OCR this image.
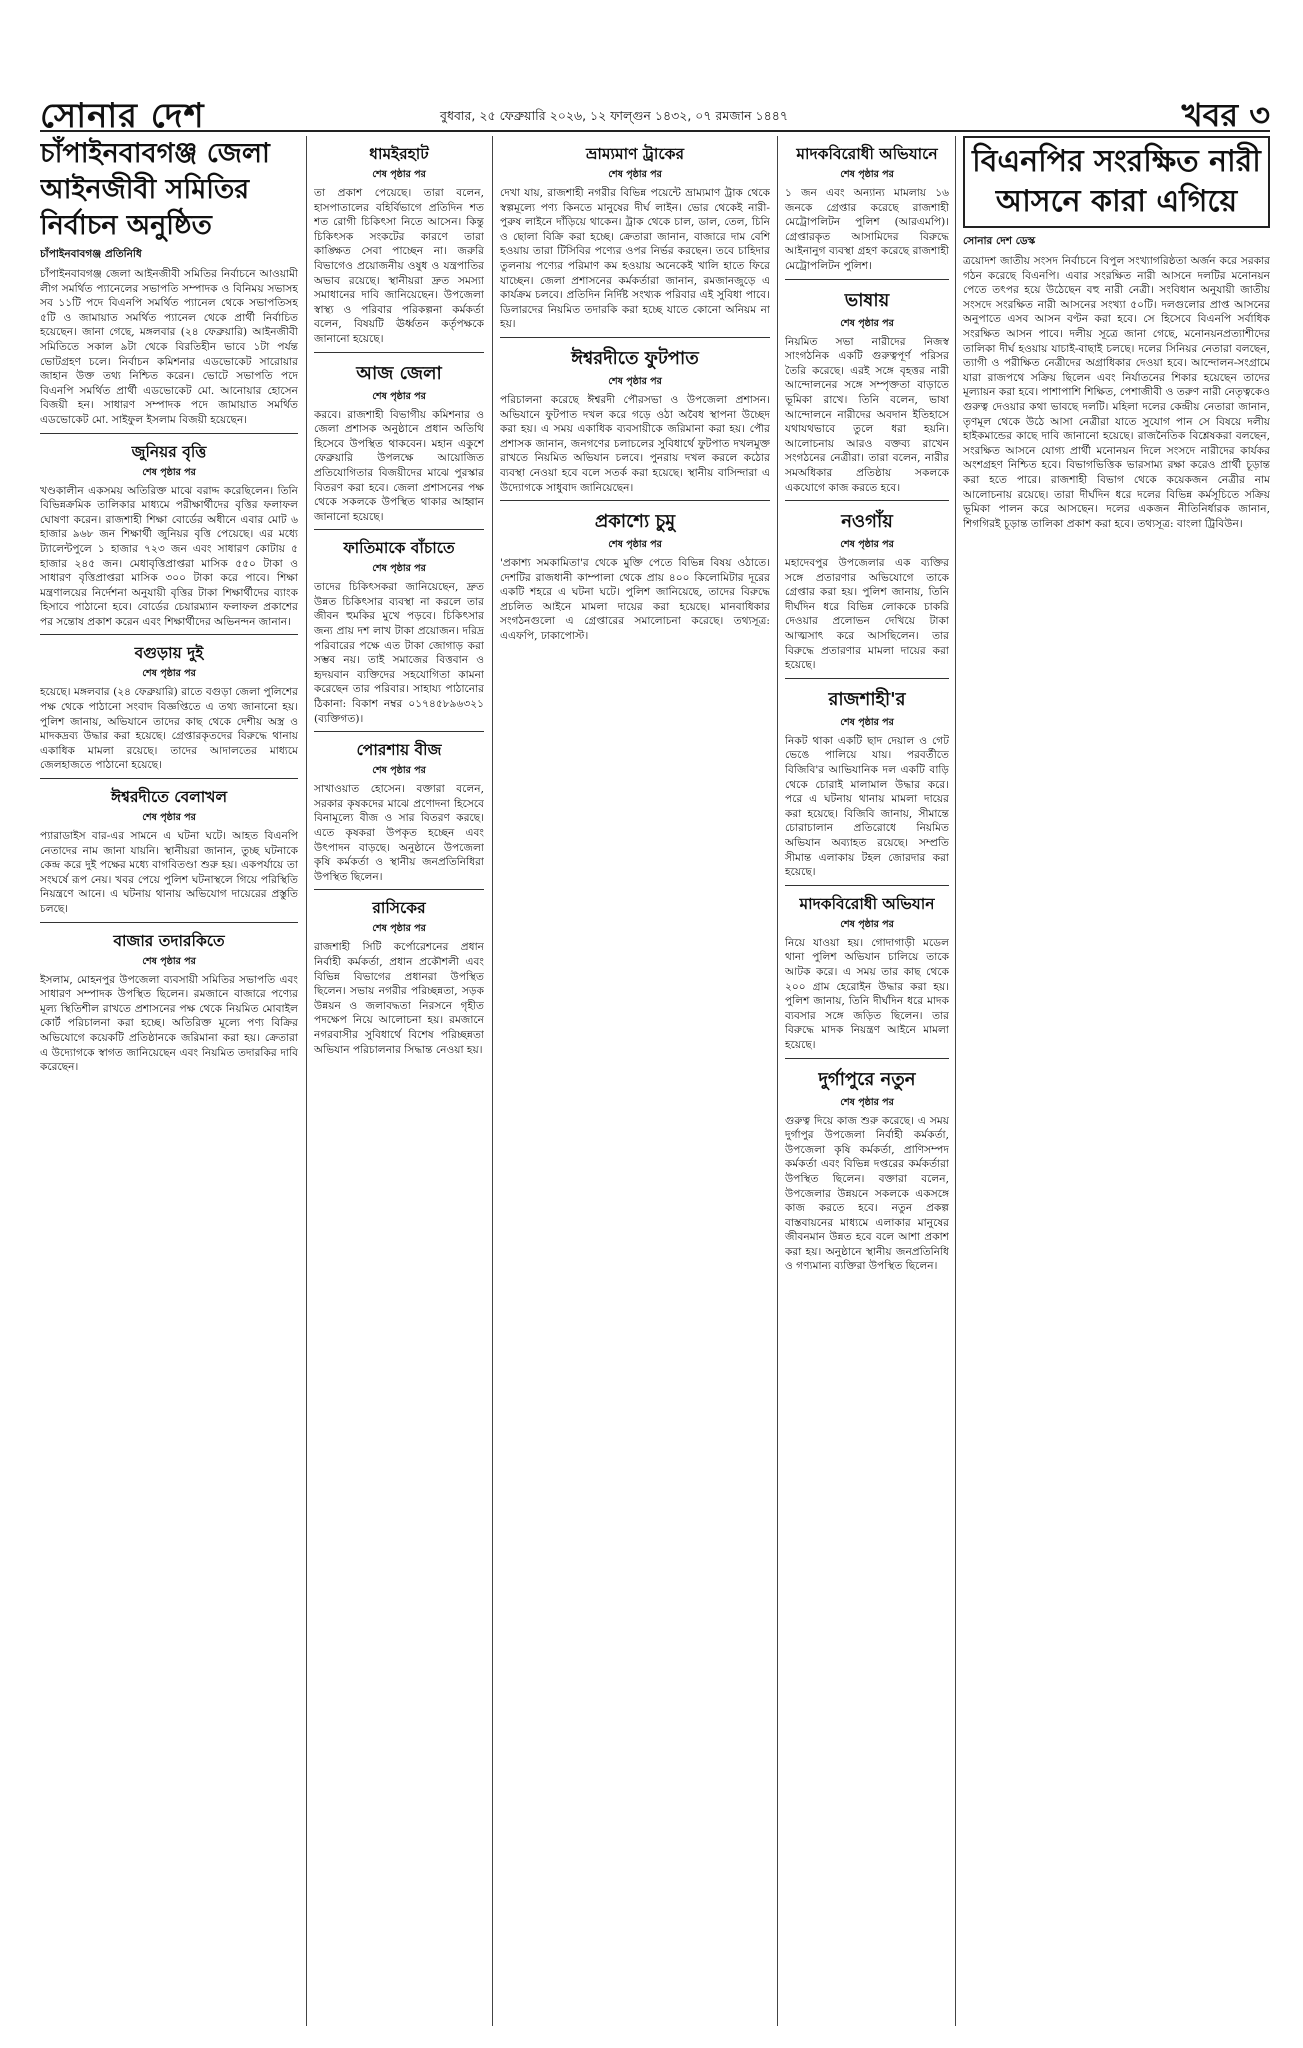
সোনার দেশ	বুধবার, ২৫ ফেব্রুয়ারি ২০২৬, ১২ ফাল্গুন ১৪৩২, ০৭ রমজান ১৪৪৭	খবর ৩
চাঁপাইনবাবগঞ্জ জেলা আইনজীবী সমিতির নির্বাচন অনুষ্ঠিত
চাঁপাইনবাবগঞ্জ প্রতিনিধি

চাঁপাইনবাবগঞ্জ জেলা আইনজীবী সমিতির নির্বাচনে আওয়ামী লীগ সমর্থিত প্যানেলের সভাপতি সম্পাদক ও বিনিময় সভাসহ সব ১১টি পদে বিএনপি সমর্থিত প্যানেল থেকে সভাপতিসহ ৫টি ও জামায়াত সমর্থিত প্যানেল থেকে প্রার্থী নির্বাচিত হয়েছেন। জানা গেছে, মঙ্গলবার (২৪ ফেব্রুয়ারি) আইনজীবী সমিতিতে সকাল ৯টা থেকে বিরতিহীন ভাবে ১টা পর্যন্ত ভোটগ্রহণ চলে। নির্বাচন কমিশনার এডভোকেট সারোয়ার জাহান উক্ত তথ্য নিশ্চিত করেন। ভোটে সভাপতি পদে বিএনপি সমর্থিত প্রার্থী এডভোকেট মো. আনোয়ার হোসেন বিজয়ী হন। সাধারণ সম্পাদক পদে জামায়াত সমর্থিত এডভোকেট মো. সাইফুল ইসলাম বিজয়ী হয়েছেন।

জুনিয়র বৃত্তি
শেষ পৃষ্ঠার পর

খণ্ডকালীন একসময় অতিরিক্ত মাঝে বরাদ্দ করেছিলেন। তিনি বিভিন্নক্রমিক তালিকার মাধ্যমে পরীক্ষার্থীদের বৃত্তির ফলাফল ঘোষণা করেন। রাজশাহী শিক্ষা বোর্ডের অধীনে এবার মোট ৬ হাজার ৯৬৮ জন শিক্ষার্থী জুনিয়র বৃত্তি পেয়েছে। এর মধ্যে ট্যালেন্টপুলে ১ হাজার ৭২৩ জন এবং সাধারণ কোটায় ৫ হাজার ২৪৫ জন। মেধাবৃত্তিপ্রাপ্তরা মাসিক ৫৫০ টাকা ও সাধারণ বৃত্তিপ্রাপ্তরা মাসিক ৩০০ টাকা করে পাবে। শিক্ষা মন্ত্রণালয়ের নির্দেশনা অনুযায়ী বৃত্তির টাকা শিক্ষার্থীদের ব্যাংক হিসাবে পাঠানো হবে। বোর্ডের চেয়ারম্যান ফলাফল প্রকাশের পর সন্তোষ প্রকাশ করেন এবং শিক্ষার্থীদের অভিনন্দন জানান।

বগুড়ায় দুই
শেষ পৃষ্ঠার পর

হয়েছে। মঙ্গলবার (২৪ ফেব্রুয়ারি) রাতে বগুড়া জেলা পুলিশের পক্ষ থেকে পাঠানো সংবাদ বিজ্ঞপ্তিতে এ তথ্য জানানো হয়। পুলিশ জানায়, অভিযানে তাদের কাছ থেকে দেশীয় অস্ত্র ও মাদকদ্রব্য উদ্ধার করা হয়েছে। গ্রেপ্তারকৃতদের বিরুদ্ধে থানায় একাধিক মামলা রয়েছে। তাদের আদালতের মাধ্যমে জেলহাজতে পাঠানো হয়েছে।

ঈশ্বরদীতে বেলাখল
শেষ পৃষ্ঠার পর

প্যারাডাইস বার-এর সামনে এ ঘটনা ঘটে। আহত বিএনপি নেতাদের নাম জানা যায়নি। স্থানীয়রা জানান, তুচ্ছ ঘটনাকে কেন্দ্র করে দুই পক্ষের মধ্যে বাগবিতণ্ডা শুরু হয়। একপর্যায়ে তা সংঘর্ষে রূপ নেয়। খবর পেয়ে পুলিশ ঘটনাস্থলে গিয়ে পরিস্থিতি নিয়ন্ত্রণে আনে। এ ঘটনায় থানায় অভিযোগ দায়েরের প্রস্তুতি চলছে।

বাজার তদারকিতে
শেষ পৃষ্ঠার পর

ইসলাম, মোহনপুর উপজেলা ব্যবসায়ী সমিতির সভাপতি এবং সাধারণ সম্পাদক উপস্থিত ছিলেন। রমজানে বাজারে পণ্যের মূল্য স্থিতিশীল রাখতে প্রশাসনের পক্ষ থেকে নিয়মিত মোবাইল কোর্ট পরিচালনা করা হচ্ছে। অতিরিক্ত মূল্যে পণ্য বিক্রির অভিযোগে কয়েকটি প্রতিষ্ঠানকে জরিমানা করা হয়। ক্রেতারা এ উদ্যোগকে স্বাগত জানিয়েছেন এবং নিয়মিত তদারকির দাবি করেছেন।

ধামইরহাট
শেষ পৃষ্ঠার পর

তা প্রকাশ পেয়েছে। তারা বলেন, হাসপাতালের বহির্বিভাগে প্রতিদিন শত শত রোগী চিকিৎসা নিতে আসেন। কিন্তু চিকিৎসক সংকটের কারণে তারা কাঙ্ক্ষিত সেবা পাচ্ছেন না। জরুরি বিভাগেও প্রয়োজনীয় ওষুধ ও যন্ত্রপাতির অভাব রয়েছে। স্থানীয়রা দ্রুত সমস্যা সমাধানের দাবি জানিয়েছেন। উপজেলা স্বাস্থ্য ও পরিবার পরিকল্পনা কর্মকর্তা বলেন, বিষয়টি ঊর্ধ্বতন কর্তৃপক্ষকে জানানো হয়েছে।

আজ জেলা
শেষ পৃষ্ঠার পর

করবে। রাজশাহী বিভাগীয় কমিশনার ও জেলা প্রশাসক অনুষ্ঠানে প্রধান অতিথি হিসেবে উপস্থিত থাকবেন। মহান একুশে ফেব্রুয়ারি উপলক্ষে আয়োজিত প্রতিযোগিতার বিজয়ীদের মাঝে পুরস্কার বিতরণ করা হবে। জেলা প্রশাসনের পক্ষ থেকে সকলকে উপস্থিত থাকার আহ্বান জানানো হয়েছে।

ফাতিমাকে বাঁচাতে
শেষ পৃষ্ঠার পর

তাদের চিকিৎসকরা জানিয়েছেন, দ্রুত উন্নত চিকিৎসার ব্যবস্থা না করলে তার জীবন হুমকির মুখে পড়বে। চিকিৎসার জন্য প্রায় দশ লাখ টাকা প্রয়োজন। দরিদ্র পরিবারের পক্ষে এত টাকা জোগাড় করা সম্ভব নয়। তাই সমাজের বিত্তবান ও হৃদয়বান ব্যক্তিদের সহযোগিতা কামনা করেছেন তার পরিবার। সাহায্য পাঠানোর ঠিকানা: বিকাশ নম্বর ০১৭৪৫৮৯৬৩২১ (ব্যক্তিগত)।

পোরশায় বীজ
শেষ পৃষ্ঠার পর

সাখাওয়াত হোসেন। বক্তারা বলেন, সরকার কৃষকদের মাঝে প্রণোদনা হিসেবে বিনামূল্যে বীজ ও সার বিতরণ করছে। এতে কৃষকরা উপকৃত হচ্ছেন এবং উৎপাদন বাড়ছে। অনুষ্ঠানে উপজেলা কৃষি কর্মকর্তা ও স্থানীয় জনপ্রতিনিধিরা উপস্থিত ছিলেন।

রাসিকের
শেষ পৃষ্ঠার পর

রাজশাহী সিটি কর্পোরেশনের প্রধান নির্বাহী কর্মকর্তা, প্রধান প্রকৌশলী এবং বিভিন্ন বিভাগের প্রধানরা উপস্থিত ছিলেন। সভায় নগরীর পরিচ্ছন্নতা, সড়ক উন্নয়ন ও জলাবদ্ধতা নিরসনে গৃহীত পদক্ষেপ নিয়ে আলোচনা হয়। রমজানে নগরবাসীর সুবিধার্থে বিশেষ পরিচ্ছন্নতা অভিযান পরিচালনার সিদ্ধান্ত নেওয়া হয়।

ভ্রাম্যমাণ ট্রাকের
শেষ পৃষ্ঠার পর

দেখা যায়, রাজশাহী নগরীর বিভিন্ন পয়েন্টে ভ্রাম্যমাণ ট্রাক থেকে স্বল্পমূল্যে পণ্য কিনতে মানুষের দীর্ঘ লাইন। ভোর থেকেই নারী-পুরুষ লাইনে দাঁড়িয়ে থাকেন। ট্রাক থেকে চাল, ডাল, তেল, চিনি ও ছোলা বিক্রি করা হচ্ছে। ক্রেতারা জানান, বাজারে দাম বেশি হওয়ায় তারা টিসিবির পণ্যের ওপর নির্ভর করছেন। তবে চাহিদার তুলনায় পণ্যের পরিমাণ কম হওয়ায় অনেকেই খালি হাতে ফিরে যাচ্ছেন। জেলা প্রশাসনের কর্মকর্তারা জানান, রমজানজুড়ে এ কার্যক্রম চলবে। প্রতিদিন নির্দিষ্ট সংখ্যক পরিবার এই সুবিধা পাবে। ডিলারদের নিয়মিত তদারকি করা হচ্ছে যাতে কোনো অনিয়ম না হয়।

ঈশ্বরদীতে ফুটপাত
শেষ পৃষ্ঠার পর

পরিচালনা করেছে ঈশ্বরদী পৌরসভা ও উপজেলা প্রশাসন। অভিযানে ফুটপাত দখল করে গড়ে ওঠা অবৈধ স্থাপনা উচ্ছেদ করা হয়। এ সময় একাধিক ব্যবসায়ীকে জরিমানা করা হয়। পৌর প্রশাসক জানান, জনগণের চলাচলের সুবিধার্থে ফুটপাত দখলমুক্ত রাখতে নিয়মিত অভিযান চলবে। পুনরায় দখল করলে কঠোর ব্যবস্থা নেওয়া হবে বলে সতর্ক করা হয়েছে। স্থানীয় বাসিন্দারা এ উদ্যোগকে সাধুবাদ জানিয়েছেন।

প্রকাশ্যে চুমু
শেষ পৃষ্ঠার পর

'প্রকাশ্য সমকামিতা'র থেকে মুক্তি পেতে বিভিন্ন বিষয় ওঠাতে। দেশটির রাজধানী কাম্পালা থেকে প্রায় ৪০০ কিলোমিটার দূরের একটি শহরে এ ঘটনা ঘটে। পুলিশ জানিয়েছে, তাদের বিরুদ্ধে প্রচলিত আইনে মামলা দায়ের করা হয়েছে। মানবাধিকার সংগঠনগুলো এ গ্রেপ্তারের সমালোচনা করেছে। তথ্যসূত্র: এএফপি, ঢাকাপোস্ট।

মাদকবিরোধী অভিযানে
শেষ পৃষ্ঠার পর

১ জন এবং অন্যান্য মামলায় ১৬ জনকে গ্রেপ্তার করেছে রাজশাহী মেট্রোপলিটন পুলিশ (আরএমপি)। গ্রেপ্তারকৃত আসামিদের বিরুদ্ধে আইনানুগ ব্যবস্থা গ্রহণ করেছে রাজশাহী মেট্রোপলিটন পুলিশ।

ভাষায়
শেষ পৃষ্ঠার পর

নিয়মিত সভা নারীদের নিজস্ব সাংগঠনিক একটি গুরুত্বপূর্ণ পরিসর তৈরি করেছে। এরই সঙ্গে বৃহত্তর নারী আন্দোলনের সঙ্গে সম্পৃক্ততা বাড়াতে ভূমিকা রাখে। তিনি বলেন, ভাষা আন্দোলনে নারীদের অবদান ইতিহাসে যথাযথভাবে তুলে ধরা হয়নি। আলোচনায় আরও বক্তব্য রাখেন সংগঠনের নেত্রীরা। তারা বলেন, নারীর সমঅধিকার প্রতিষ্ঠায় সকলকে একযোগে কাজ করতে হবে।

নওগাঁয়
শেষ পৃষ্ঠার পর

মহাদেবপুর উপজেলার এক ব্যক্তির সঙ্গে প্রতারণার অভিযোগে তাকে গ্রেপ্তার করা হয়। পুলিশ জানায়, তিনি দীর্ঘদিন ধরে বিভিন্ন লোককে চাকরি দেওয়ার প্রলোভন দেখিয়ে টাকা আত্মসাৎ করে আসছিলেন। তার বিরুদ্ধে প্রতারণার মামলা দায়ের করা হয়েছে।

রাজশাহী'র
শেষ পৃষ্ঠার পর

নিকট থাকা একটি ছাদ দেয়াল ও গেট ভেঙে পালিয়ে যায়। পরবর্তীতে বিজিবি'র আভিযানিক দল একটি বাড়ি থেকে চোরাই মালামাল উদ্ধার করে। পরে এ ঘটনায় থানায় মামলা দায়ের করা হয়েছে। বিজিবি জানায়, সীমান্তে চোরাচালান প্রতিরোধে নিয়মিত অভিযান অব্যাহত রয়েছে। সম্প্রতি সীমান্ত এলাকায় টহল জোরদার করা হয়েছে।

মাদকবিরোধী অভিযান
শেষ পৃষ্ঠার পর

নিয়ে যাওয়া হয়। গোদাগাড়ী মডেল থানা পুলিশ অভিযান চালিয়ে তাকে আটক করে। এ সময় তার কাছ থেকে ২০০ গ্রাম হেরোইন উদ্ধার করা হয়। পুলিশ জানায়, তিনি দীর্ঘদিন ধরে মাদক ব্যবসার সঙ্গে জড়িত ছিলেন। তার বিরুদ্ধে মাদক নিয়ন্ত্রণ আইনে মামলা হয়েছে।

দুর্গাপুরে নতুন
শেষ পৃষ্ঠার পর

গুরুত্ব দিয়ে কাজ শুরু করেছে। এ সময় দুর্গাপুর উপজেলা নির্বাহী কর্মকর্তা, উপজেলা কৃষি কর্মকর্তা, প্রাণিসম্পদ কর্মকর্তা এবং বিভিন্ন দপ্তরের কর্মকর্তারা উপস্থিত ছিলেন। বক্তারা বলেন, উপজেলার উন্নয়নে সকলকে একসঙ্গে কাজ করতে হবে। নতুন প্রকল্প বাস্তবায়নের মাধ্যমে এলাকার মানুষের জীবনমান উন্নত হবে বলে আশা প্রকাশ করা হয়। অনুষ্ঠানে স্থানীয় জনপ্রতিনিধি ও গণ্যমান্য ব্যক্তিরা উপস্থিত ছিলেন।

বিএনপির সংরক্ষিত নারী আসনে কারা এগিয়ে
সোনার দেশ ডেস্ক

ত্রয়োদশ জাতীয় সংসদ নির্বাচনে বিপুল সংখ্যাগরিষ্ঠতা অর্জন করে সরকার গঠন করেছে বিএনপি। এবার সংরক্ষিত নারী আসনে দলটির মনোনয়ন পেতে তৎপর হয়ে উঠেছেন বহু নারী নেত্রী। সংবিধান অনুযায়ী জাতীয় সংসদে সংরক্ষিত নারী আসনের সংখ্যা ৫০টি। দলগুলোর প্রাপ্ত আসনের অনুপাতে এসব আসন বণ্টন করা হবে। সে হিসেবে বিএনপি সর্বাধিক সংরক্ষিত আসন পাবে। দলীয় সূত্রে জানা গেছে, মনোনয়নপ্রত্যাশীদের তালিকা দীর্ঘ হওয়ায় যাচাই-বাছাই চলছে। দলের সিনিয়র নেতারা বলছেন, ত্যাগী ও পরীক্ষিত নেত্রীদের অগ্রাধিকার দেওয়া হবে। আন্দোলন-সংগ্রামে যারা রাজপথে সক্রিয় ছিলেন এবং নির্যাতনের শিকার হয়েছেন তাদের মূল্যায়ন করা হবে। পাশাপাশি শিক্ষিত, পেশাজীবী ও তরুণ নারী নেতৃত্বকেও গুরুত্ব দেওয়ার কথা ভাবছে দলটি। মহিলা দলের কেন্দ্রীয় নেতারা জানান, তৃণমূল থেকে উঠে আসা নেত্রীরা যাতে সুযোগ পান সে বিষয়ে দলীয় হাইকমান্ডের কাছে দাবি জানানো হয়েছে। রাজনৈতিক বিশ্লেষকরা বলছেন, সংরক্ষিত আসনে যোগ্য প্রার্থী মনোনয়ন দিলে সংসদে নারীদের কার্যকর অংশগ্রহণ নিশ্চিত হবে। বিভাগভিত্তিক ভারসাম্য রক্ষা করেও প্রার্থী চূড়ান্ত করা হতে পারে। রাজশাহী বিভাগ থেকে কয়েকজন নেত্রীর নাম আলোচনায় রয়েছে। তারা দীর্ঘদিন ধরে দলের বিভিন্ন কর্মসূচিতে সক্রিয় ভূমিকা পালন করে আসছেন। দলের একজন নীতিনির্ধারক জানান, শিগগিরই চূড়ান্ত তালিকা প্রকাশ করা হবে। তথ্যসূত্র: বাংলা ট্রিবিউন।
